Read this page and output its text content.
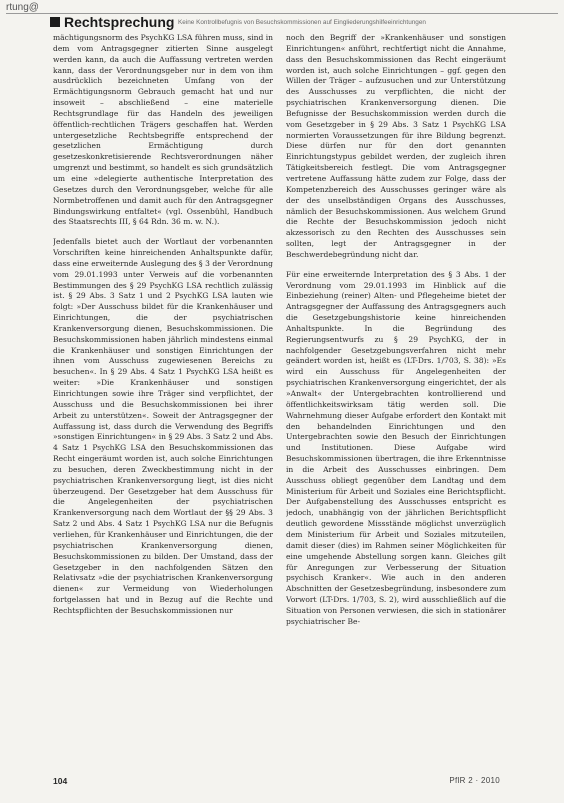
rtung@
Rechtsprechung Keine Kontrollbefugnis von Besuchskommissionen auf Eingliederungshilfeeinrichtungen

mächtigungsnorm des PsychKG LSA führen muss, sind in dem vom Antragsgegner zitierten Sinne ausgelegt werden kann, da auch die Auffassung vertreten werden kann, dass der Verordnungsgeber nur in dem von ihm ausdrücklich bezeichneten Umfang von der Ermächtigungsnorm Gebrauch gemacht hat und nur insoweit – abschließend – eine materielle Rechtsgrundlage für das Handeln des jeweiligen öffentlich-rechtlichen Trägers geschaffen hat. Werden untergesetzliche Rechtsbegriffe entsprechend der gesetzlichen Ermächtigung durch gesetzeskonkretisierende Rechtsverordnungen näher umgrenzt und bestimmt, so handelt es sich grundsätzlich um eine »delegierte authentische Interpretation des Gesetzes durch den Verordnungsgeber, welche für alle Normbetroffenen und damit auch für den Antragsgegner Bindungswirkung entfaltet« (vgl. Ossenbühl, Handbuch des Staatsrechts III, § 64 Rdn. 36 m. w. N.).

Jedenfalls bietet auch der Wortlaut der vorbenannten Vorschriften keine hinreichenden Anhaltspunkte dafür, dass eine erweiternde Auslegung des § 3 der Verordnung vom 29.01.1993 unter Verweis auf die vorbenannten Bestimmungen des § 29 PsychKG LSA rechtlich zulässig ist. § 29 Abs. 3 Satz 1 und 2 PsychKG LSA lauten wie folgt: »Der Ausschuss bildet für die Krankenhäuser und Einrichtungen, die der psychiatrischen Krankenversorgung dienen, Besuchskommissionen. Die Besuchskommissionen haben jährlich mindestens einmal die Krankenhäuser und sonstigen Einrichtungen der ihnen vom Ausschuss zugewiesenen Bereichs zu besuchen«. In § 29 Abs. 4 Satz 1 PsychKG LSA heißt es weiter: »Die Krankenhäuser und sonstigen Einrichtungen sowie ihre Träger sind verpflichtet, der Ausschuss und die Besuchskommissionen bei ihrer Arbeit zu unterstützen«. Soweit der Antragsgegner der Auffassung ist, dass durch die Verwendung des Begriffs »sonstigen Einrichtungen« in § 29 Abs. 3 Satz 2 und Abs. 4 Satz 1 PsychKG LSA den Besuchskommissionen das Recht eingeräumt worden ist, auch solche Einrichtungen zu besuchen, deren Zweckbestimmung nicht in der psychiatrischen Krankenversorgung liegt, ist dies nicht überzeugend. Der Gesetzgeber hat dem Ausschuss für die Angelegenheiten der psychiatrischen Krankenversorgung nach dem Wortlaut der §§ 29 Abs. 3 Satz 2 und Abs. 4 Satz 1 PsychKG LSA nur die Befugnis verliehen, für Krankenhäuser und Einrichtungen, die der psychiatrischen Krankenversorgung dienen, Besuchskommissionen zu bilden. Der Umstand, dass der Gesetzgeber in den nachfolgenden Sätzen den Relativsatz »die der psychiatrischen Krankenversorgung dienen« zur Vermeidung von Wiederholungen fortgelassen hat und in Bezug auf die Rechte und Rechtspflichten der Besuchskommissionen nur

noch den Begriff der »Krankenhäuser und sonstigen Einrichtungen« anführt, rechtfertigt nicht die Annahme, dass den Besuchskommissionen das Recht eingeräumt worden ist, auch solche Einrichtungen – ggf. gegen den Willen der Träger – aufzusuchen und zur Unterstützung des Ausschusses zu verpflichten, die nicht der psychiatrischen Krankenversorgung dienen. Die Befugnisse der Besuchskommission werden durch die vom Gesetzgeber in § 29 Abs. 3 Satz 1 PsychKG LSA normierten Voraussetzungen für ihre Bildung begrenzt. Diese dürfen nur für den dort genannten Einrichtungstypus gebildet werden, der zugleich ihren Tätigkeitsbereich festlegt. Die vom Antragsgegner vertretene Auffassung hätte zudem zur Folge, dass der Kompetenzbereich des Ausschusses geringer wäre als der des unselbständigen Organs des Ausschusses, nämlich der Besuchskommissionen. Aus welchem Grund die Rechte der Besuchskommission jedoch nicht akzessorisch zu den Rechten des Ausschusses sein sollten, legt der Antragsgegner in der Beschwerdebegründung nicht dar.

Für eine erweiternde Interpretation des § 3 Abs. 1 der Verordnung vom 29.01.1993 im Hinblick auf die Einbeziehung (reiner) Alten- und Pflegeheime bietet der Antragsgegner der Auffassung des Antragsgegners auch die Gesetzgebungshistorie keine hinreichenden Anhaltspunkte. In die Begründung des Regierungsentwurfs zu § 29 PsychKG, der in nachfolgender Gesetzgebungsverfahren nicht mehr geändert worden ist, heißt es (LT-Drs. 1/703, S. 38): »Es wird ein Ausschuss für Angelegenheiten der psychiatrischen Krankenversorgung eingerichtet, der als »Anwalt« der Untergebrachten kontrollierend und öffentlichkeitswirksam tätig werden soll. Die Wahrnehmung dieser Aufgabe erfordert den Kontakt mit den behandelnden Einrichtungen und den Untergebrachten sowie den Besuch der Einrichtungen und Institutionen. Diese Aufgabe wird Besuchskommissionen übertragen, die ihre Erkenntnisse in die Arbeit des Ausschusses einbringen. Dem Ausschuss obliegt gegenüber dem Landtag und dem Ministerium für Arbeit und Soziales eine Berichtspflicht. Der Aufgabenstellung des Ausschusses entspricht es jedoch, unabhängig von der jährlichen Berichtspflicht deutlich gewordene Missstände möglichst unverzüglich dem Ministerium für Arbeit und Soziales mitzuteilen, damit dieser (dies) im Rahmen seiner Möglichkeiten für eine umgehende Abstellung sorgen kann. Gleiches gilt für Anregungen zur Verbesserung der Situation psychisch Kranker«. Wie auch in den anderen Abschnitten der Gesetzesbegründung, insbesondere zum Vorwort (LT-Drs. 1/703, S. 2), wird ausschließlich auf die Situation von Personen verwiesen, die sich in stationärer psychiatrischer Be-

104	PflR 2 · 2010
